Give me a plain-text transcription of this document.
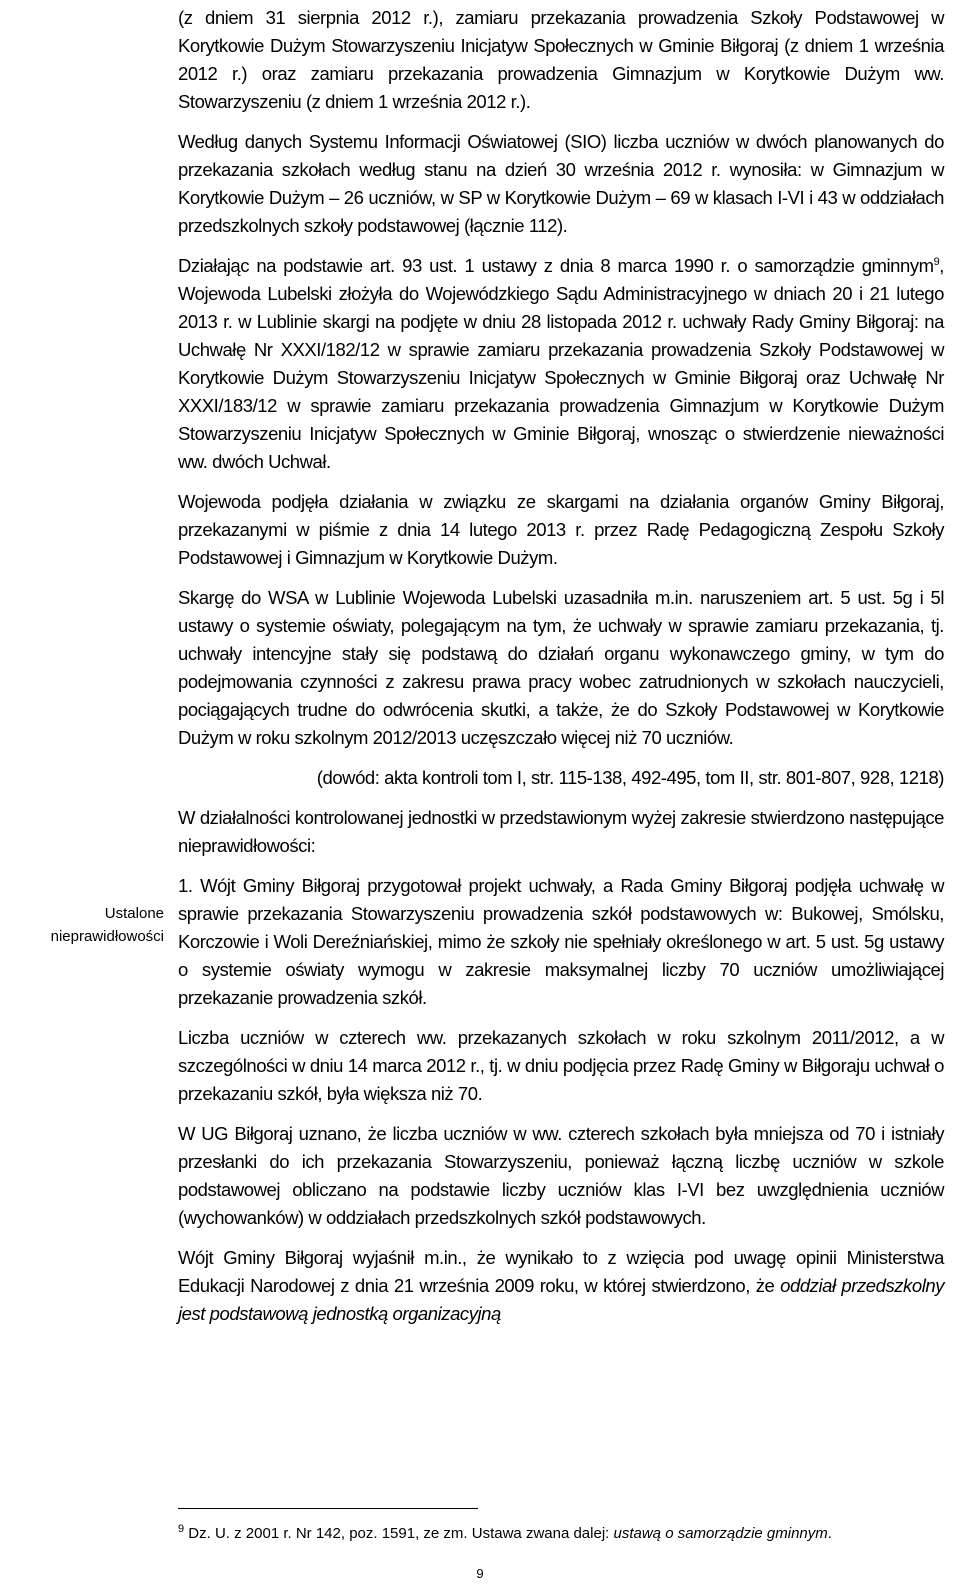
(z dniem 31 sierpnia 2012 r.), zamiaru przekazania prowadzenia Szkoły Podstawowej w Korytkowie Dużym Stowarzyszeniu Inicjatyw Społecznych w Gminie Biłgoraj (z dniem 1 września 2012 r.) oraz zamiaru przekazania prowadzenia Gimnazjum w Korytkowie Dużym ww. Stowarzyszeniu (z dniem 1 września 2012 r.).

Według danych Systemu Informacji Oświatowej (SIO) liczba uczniów w dwóch planowanych do przekazania szkołach według stanu na dzień 30 września 2012 r. wynosiła: w Gimnazjum w Korytkowie Dużym – 26 uczniów, w SP w Korytkowie Dużym – 69 w klasach I-VI i 43 w oddziałach przedszkolnych szkoły podstawowej (łącznie 112).

Działając na podstawie art. 93 ust. 1 ustawy z dnia 8 marca 1990 r. o samorządzie gminnym$^9$, Wojewoda Lubelski złożyła do Wojewódzkiego Sądu Administracyjnego w dniach 20 i 21 lutego 2013 r. w Lublinie skargi na podjęte w dniu 28 listopada 2012 r. uchwały Rady Gminy Biłgoraj: na Uchwałę Nr XXXI/182/12 w sprawie zamiaru przekazania prowadzenia Szkoły Podstawowej w Korytkowie Dużym Stowarzyszeniu Inicjatyw Społecznych w Gminie Biłgoraj oraz Uchwałę Nr XXXI/183/12 w sprawie zamiaru przekazania prowadzenia Gimnazjum w Korytkowie Dużym Stowarzyszeniu Inicjatyw Społecznych w Gminie Biłgoraj, wnosząc o stwierdzenie nieważności ww. dwóch Uchwał.

Wojewoda podjęła działania w związku ze skargami na działania organów Gminy Biłgoraj, przekazanymi w piśmie z dnia 14 lutego 2013 r. przez Radę Pedagogiczną Zespołu Szkoły Podstawowej i Gimnazjum w Korytkowie Dużym.

Skargę do WSA w Lublinie Wojewoda Lubelski uzasadniła m.in. naruszeniem art. 5 ust. 5g i 5l ustawy o systemie oświaty, polegającym na tym, że uchwały w sprawie zamiaru przekazania, tj. uchwały intencyjne stały się podstawą do działań organu wykonawczego gminy, w tym do podejmowania czynności z zakresu prawa pracy wobec zatrudnionych w szkołach nauczycieli, pociągających trudne do odwrócenia skutki, a także, że do Szkoły Podstawowej w Korytkowie Dużym w roku szkolnym 2012/2013 uczęszczało więcej niż 70 uczniów.

(dowód: akta kontroli tom I, str. 115-138, 492-495, tom II, str. 801-807, 928, 1218)

W działalności kontrolowanej jednostki w przedstawionym wyżej zakresie stwierdzono następujące nieprawidłowości:

1. Wójt Gminy Biłgoraj przygotował projekt uchwały, a Rada Gminy Biłgoraj podjęła uchwałę w sprawie przekazania Stowarzyszeniu prowadzenia szkół podstawowych w: Bukowej, Smólsku, Korczowie i Woli Dereźniańskiej, mimo że szkoły nie spełniały określonego w art. 5 ust. 5g ustawy o systemie oświaty wymogu w zakresie maksymalnej liczby 70 uczniów umożliwiającej przekazanie prowadzenia szkół.

Liczba uczniów w czterech ww. przekazanych szkołach w roku szkolnym 2011/2012, a w szczególności w dniu 14 marca 2012 r., tj. w dniu podjęcia przez Radę Gminy w Biłgoraju uchwał o przekazaniu szkół, była większa niż 70.

W UG Biłgoraj uznano, że liczba uczniów w ww. czterech szkołach była mniejsza od 70 i istniały przesłanki do ich przekazania Stowarzyszeniu, ponieważ łączną liczbę uczniów w szkole podstawowej obliczano na podstawie liczby uczniów klas I-VI bez uwzględnienia uczniów (wychowanków) w oddziałach przedszkolnych szkół podstawowych.

Wójt Gminy Biłgoraj wyjaśnił m.in., że wynikało to z wzięcia pod uwagę opinii Ministerstwa Edukacji Narodowej z dnia 21 września 2009 roku, w której stwierdzono, że oddział przedszkolny jest podstawową jednostką organizacyjną

Ustalone nieprawidłowości
$^9$ Dz. U. z 2001 r. Nr 142, poz. 1591, ze zm. Ustawa zwana dalej: ustawą o samorządzie gminnym.
9
